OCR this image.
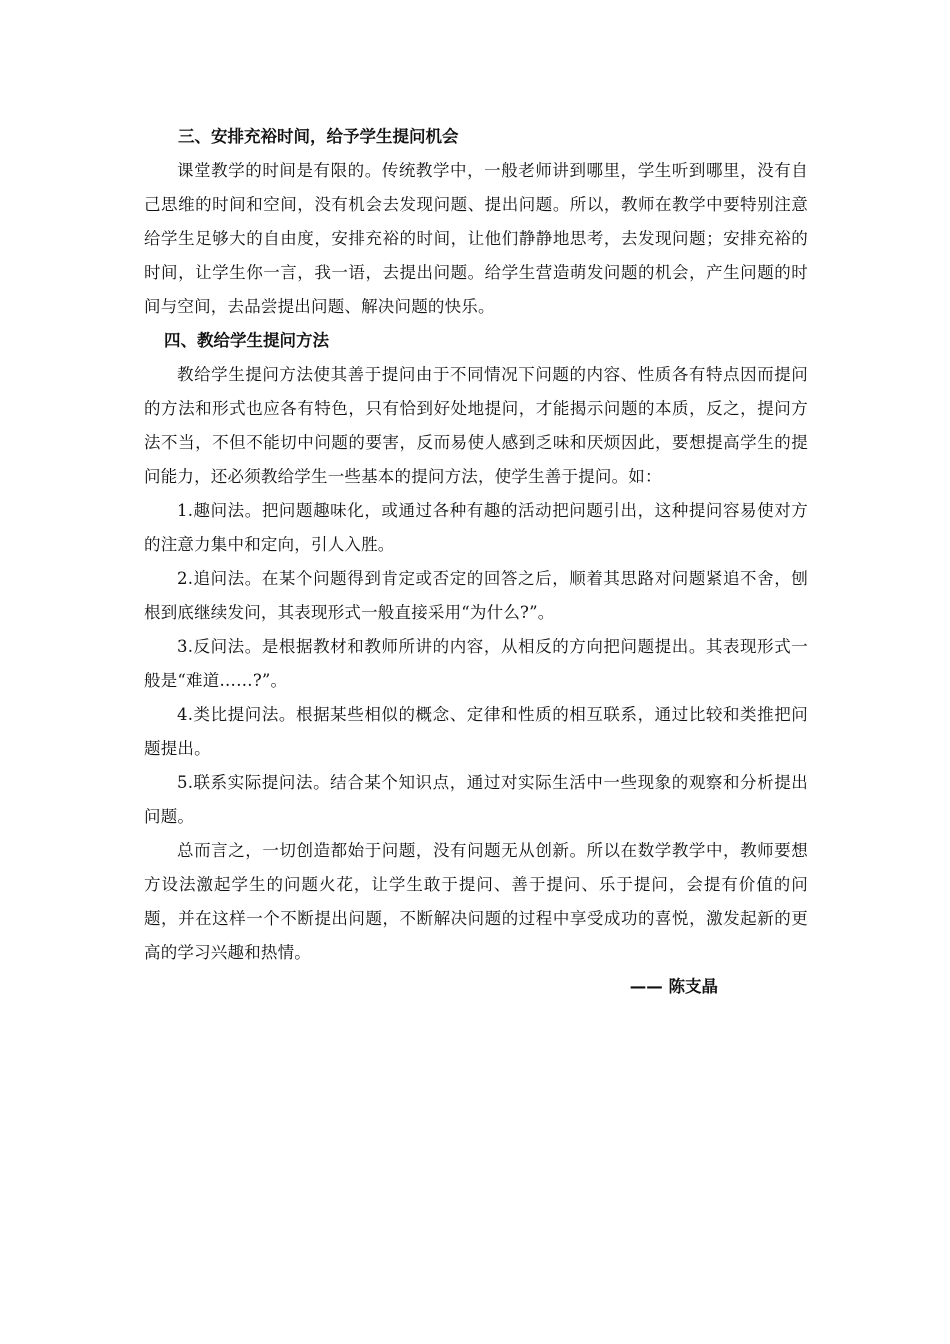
三、安排充裕时间，给予学生提问机会

课堂教学的时间是有限的。传统教学中，一般老师讲到哪里，学生听到哪里，没有自己思维的时间和空间，没有机会去发现问题、提出问题。所以，教师在教学中要特别注意给学生足够大的自由度，安排充裕的时间，让他们静静地思考，去发现问题；安排充裕的时间，让学生你一言，我一语，去提出问题。给学生营造萌发问题的机会，产生问题的时间与空间，去品尝提出问题、解决问题的快乐。

四、教给学生提问方法

教给学生提问方法使其善于提问由于不同情况下问题的内容、性质各有特点因而提问的方法和形式也应各有特色，只有恰到好处地提问，才能揭示问题的本质，反之，提问方法不当，不但不能切中问题的要害，反而易使人感到乏味和厌烦因此，要想提高学生的提问能力，还必须教给学生一些基本的提问方法，使学生善于提问。如：

1.趣问法。把问题趣味化，或通过各种有趣的活动把问题引出，这种提问容易使对方的注意力集中和定向，引人入胜。

2.追问法。在某个问题得到肯定或否定的回答之后，顺着其思路对问题紧追不舍，刨根到底继续发问，其表现形式一般直接采用“为什么?”。

3.反问法。是根据教材和教师所讲的内容，从相反的方向把问题提出。其表现形式一般是“难道……?”。

4.类比提问法。根据某些相似的概念、定律和性质的相互联系，通过比较和类推把问题提出。

5.联系实际提问法。结合某个知识点，通过对实际生活中一些现象的观察和分析提出问题。

总而言之，一切创造都始于问题，没有问题无从创新。所以在数学教学中，教师要想方设法激起学生的问题火花，让学生敢于提问、善于提问、乐于提问，会提有价值的问题，并在这样一个不断提出问题，不断解决问题的过程中享受成功的喜悦，激发起新的更高的学习兴趣和热情。

—— 陈支晶
